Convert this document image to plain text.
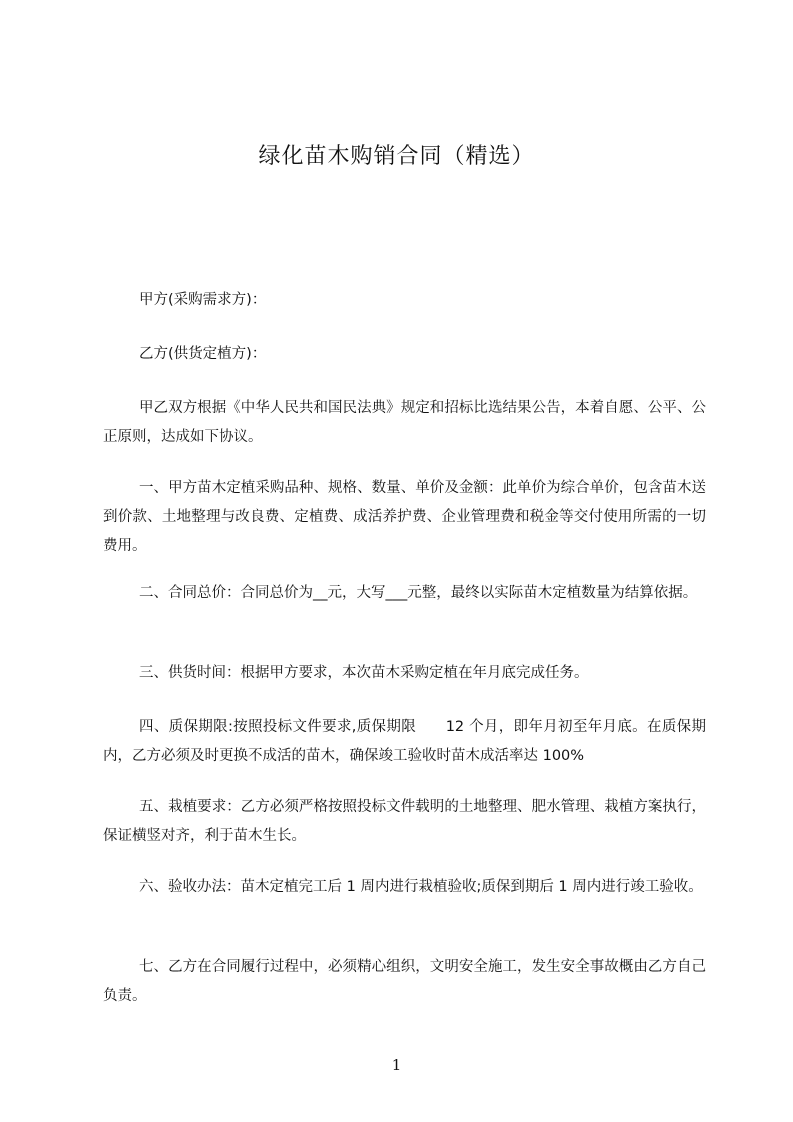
绿化苗木购销合同（精选）

甲方(采购需求方)：

乙方(供货定植方)：

甲乙双方根据《中华人民共和国民法典》规定和招标比选结果公告，本着自愿、公平、公正原则，达成如下协议。

一、甲方苗木定植采购品种、规格、数量、单价及金额：此单价为综合单价，包含苗木送到价款、土地整理与改良费、定植费、成活养护费、企业管理费和税金等交付使用所需的一切费用。

二、合同总价：合同总价为__元，大写___元整，最终以实际苗木定植数量为结算依据。

三、供货时间：根据甲方要求，本次苗木采购定植在年月底完成任务。

四、质保期限:按照投标文件要求,质保期限　　12 个月，即年月初至年月底。在质保期内，乙方必须及时更换不成活的苗木，确保竣工验收时苗木成活率达 100%

五、栽植要求：乙方必须严格按照投标文件载明的土地整理、肥水管理、栽植方案执行，保证横竖对齐，利于苗木生长。

六、验收办法：苗木定植完工后 1 周内进行栽植验收;质保到期后 1 周内进行竣工验收。

七、乙方在合同履行过程中，必须精心组织，文明安全施工，发生安全事故概由乙方自己负责。

1
